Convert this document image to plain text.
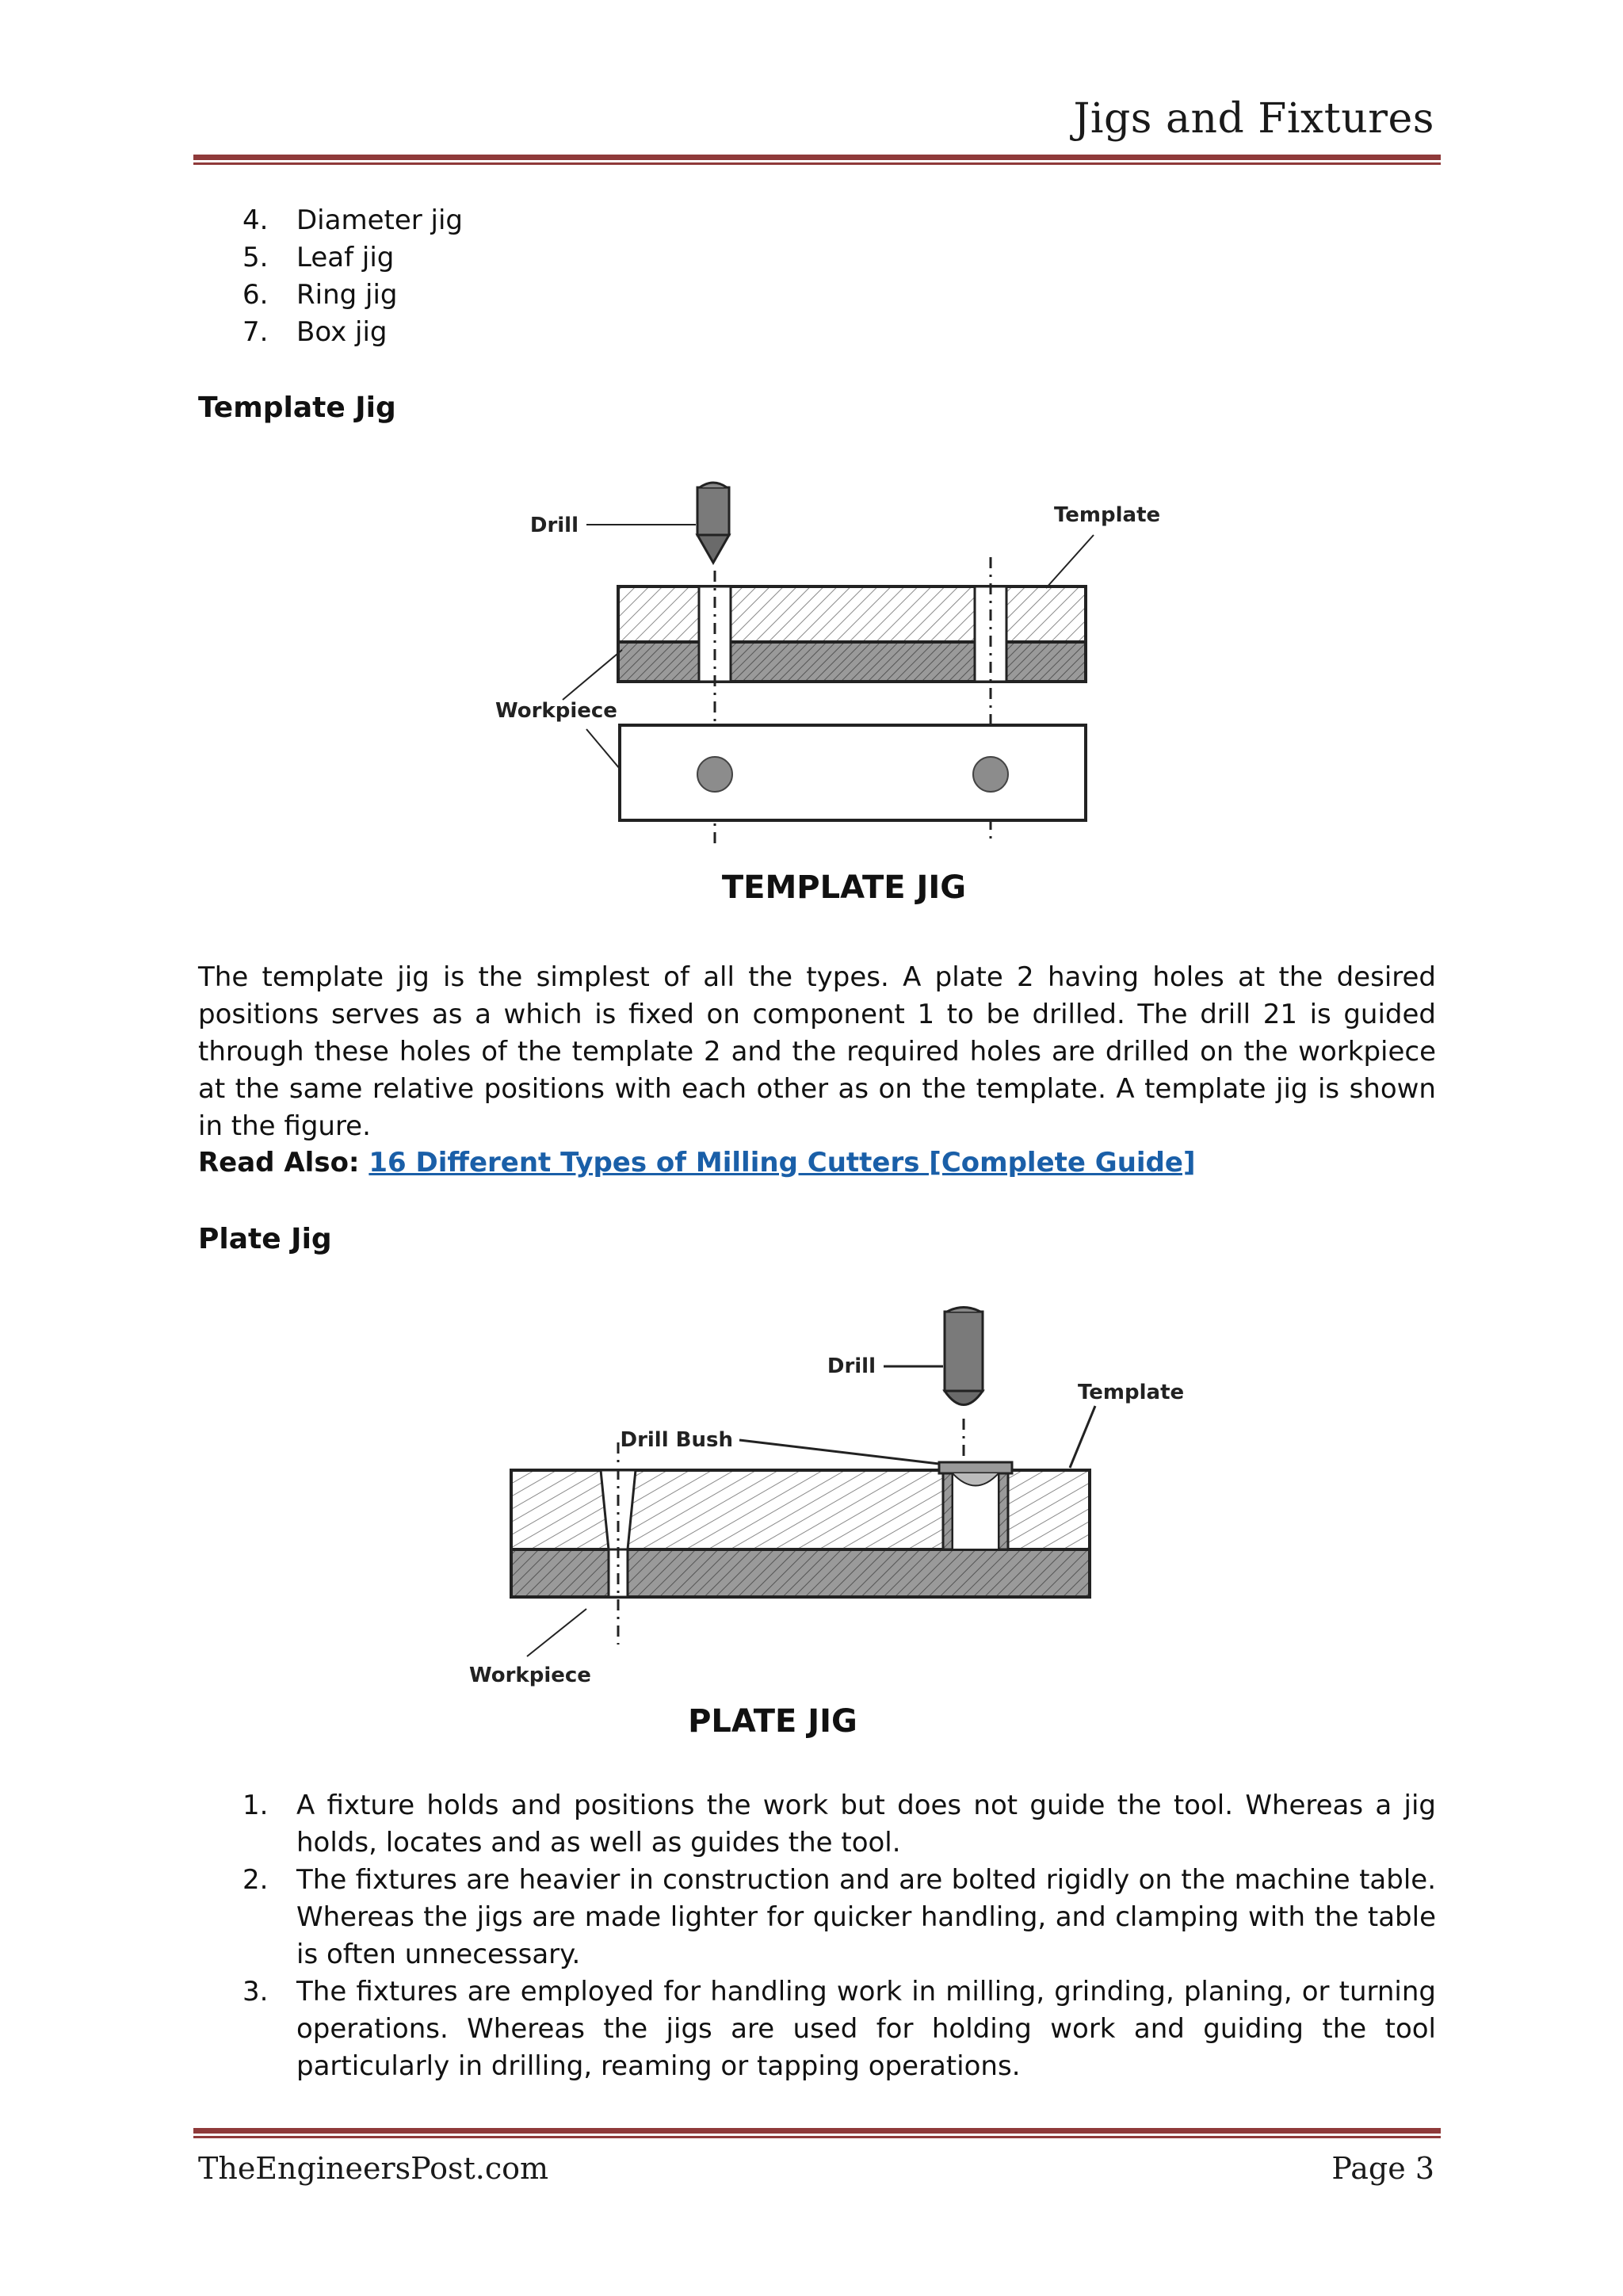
Jigs and Fixtures
4. Diameter jig
5. Leaf jig
6. Ring jig
7. Box jig
Template Jig
Drill	Template
Workpiece
TEMPLATE JIG
The template jig is the simplest of all the types. A plate 2 having holes at the desired positions serves as a which is fixed on component 1 to be drilled. The drill 21 is guided through these holes of the template 2 and the required holes are drilled on the workpiece at the same relative positions with each other as on the template. A template jig is shown in the figure.
Read Also: 16 Different Types of Milling Cutters [Complete Guide]
Plate Jig
Drill
Template
Drill Bush
Workpiece
PLATE JIG
1. A fixture holds and positions the work but does not guide the tool. Whereas a jig holds, locates and as well as guides the tool.
2. The fixtures are heavier in construction and are bolted rigidly on the machine table. Whereas the jigs are made lighter for quicker handling, and clamping with the table is often unnecessary.
3. The fixtures are employed for handling work in milling, grinding, planing, or turning operations. Whereas the jigs are used for holding work and guiding the tool particularly in drilling, reaming or tapping operations.
TheEngineersPost.com	Page 3
